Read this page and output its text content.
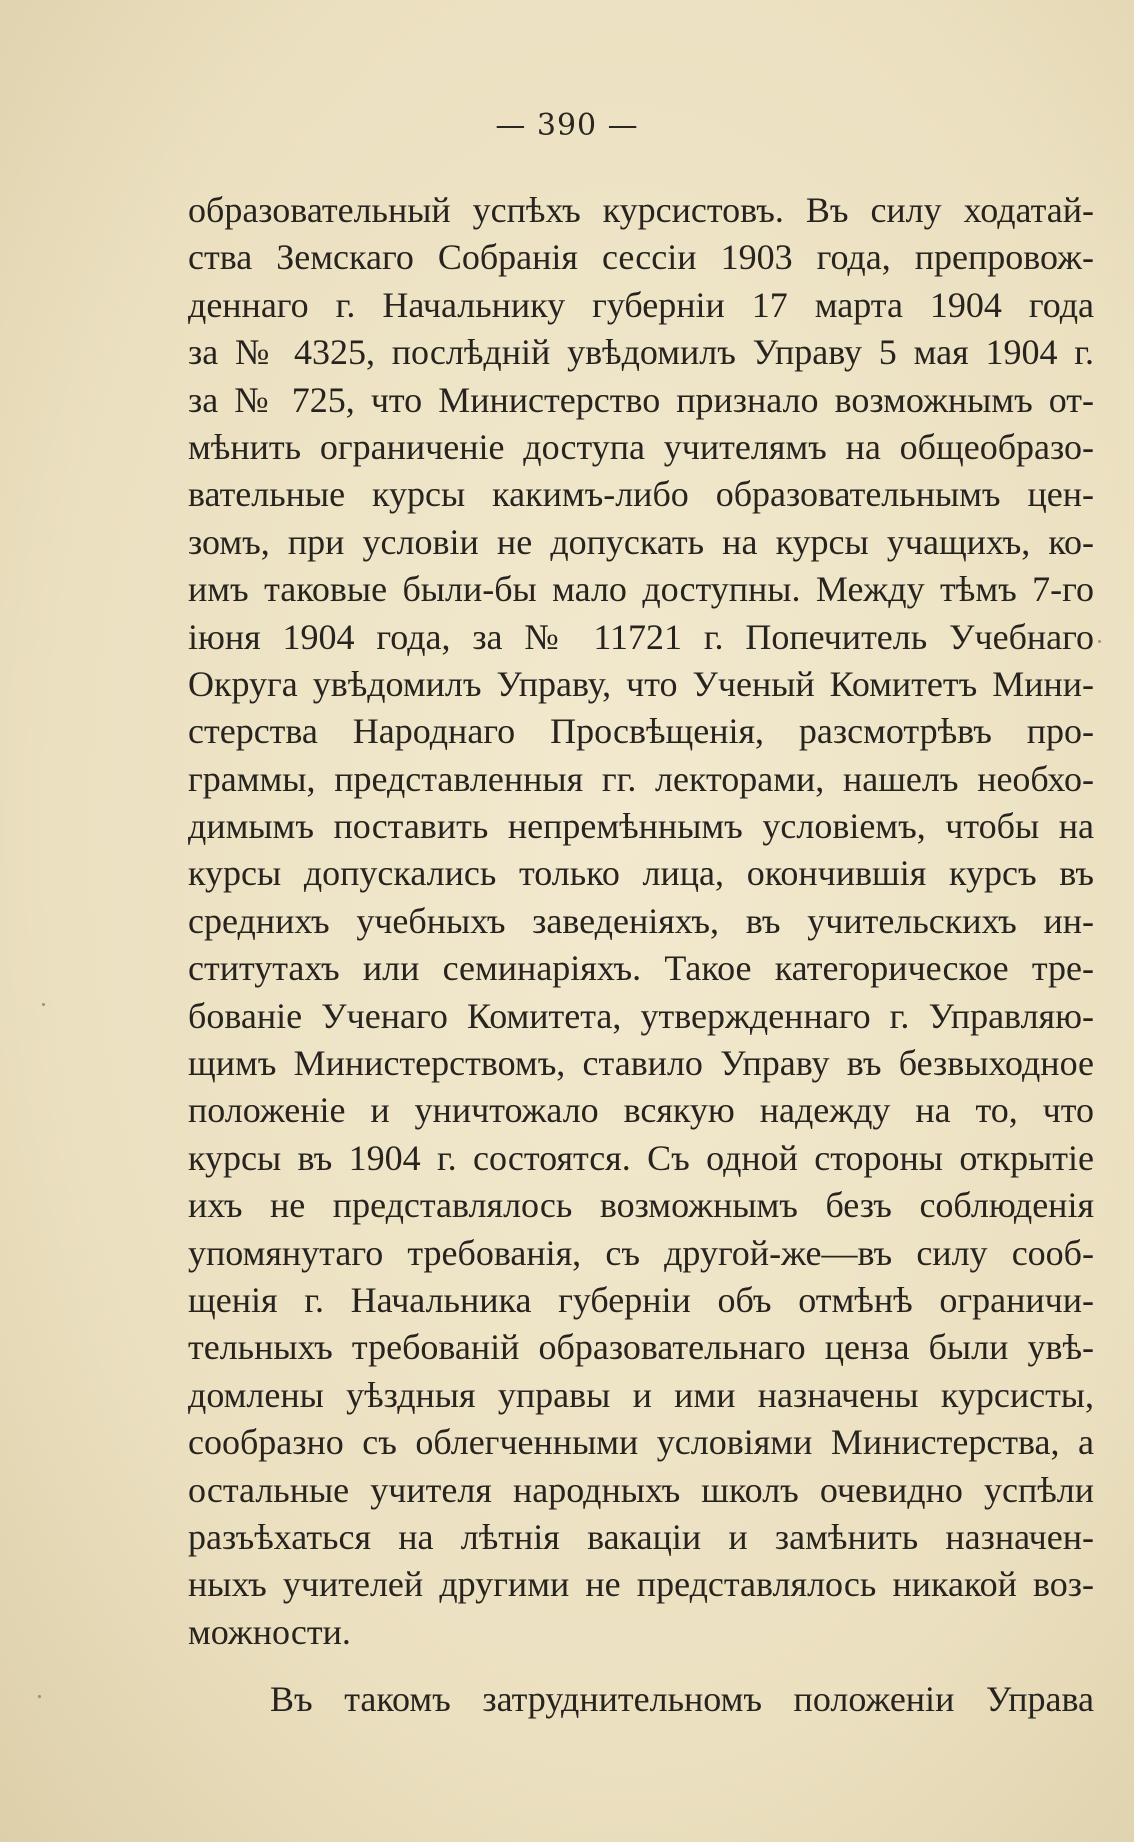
— 390 —
образовательный успѣхъ курсистовъ. Въ силу ходатай-
ства Земскаго Собранія сессіи 1903 года, препровож-
деннаго г. Начальнику губерніи 17 марта 1904 года
за № 4325, послѣдній увѣдомилъ Управу 5 мая 1904 г.
за № 725, что Министерство признало возможнымъ от-
мѣнить ограниченіе доступа учителямъ на общеобразо-
вательные курсы какимъ-либо образовательнымъ цен-
зомъ, при условіи не допускать на курсы учащихъ, ко-
имъ таковые были-бы мало доступны. Между тѣмъ 7-го
іюня 1904 года, за № 11721 г. Попечитель Учебнаго
Округа увѣдомилъ Управу, что Ученый Комитетъ Мини-
стерства Народнаго Просвѣщенія, разсмотрѣвъ про-
граммы, представленныя гг. лекторами, нашелъ необхо-
димымъ поставить непремѣннымъ условіемъ, чтобы на
курсы допускались только лица, окончившія курсъ въ
среднихъ учебныхъ заведеніяхъ, въ учительскихъ ин-
ститутахъ или семинаріяхъ. Такое категорическое тре-
бованіе Ученаго Комитета, утвержденнаго г. Управляю-
щимъ Министерствомъ, ставило Управу въ безвыходное
положеніе и уничтожало всякую надежду на то, что
курсы въ 1904 г. состоятся. Съ одной стороны открытіе
ихъ не представлялось возможнымъ безъ соблюденія
упомянутаго требованія, съ другой-же—въ силу сооб-
щенія г. Начальника губерніи объ отмѣнѣ ограничи-
тельныхъ требованій образовательнаго ценза были увѣ-
домлены уѣздныя управы и ими назначены курсисты,
сообразно съ облегченными условіями Министерства, а
остальные учителя народныхъ школъ очевидно успѣли
разъѣхаться на лѣтнія вакаціи и замѣнить назначен-
ныхъ учителей другими не представлялось никакой воз-
можности.
Въ такомъ затруднительномъ положеніи Управа
